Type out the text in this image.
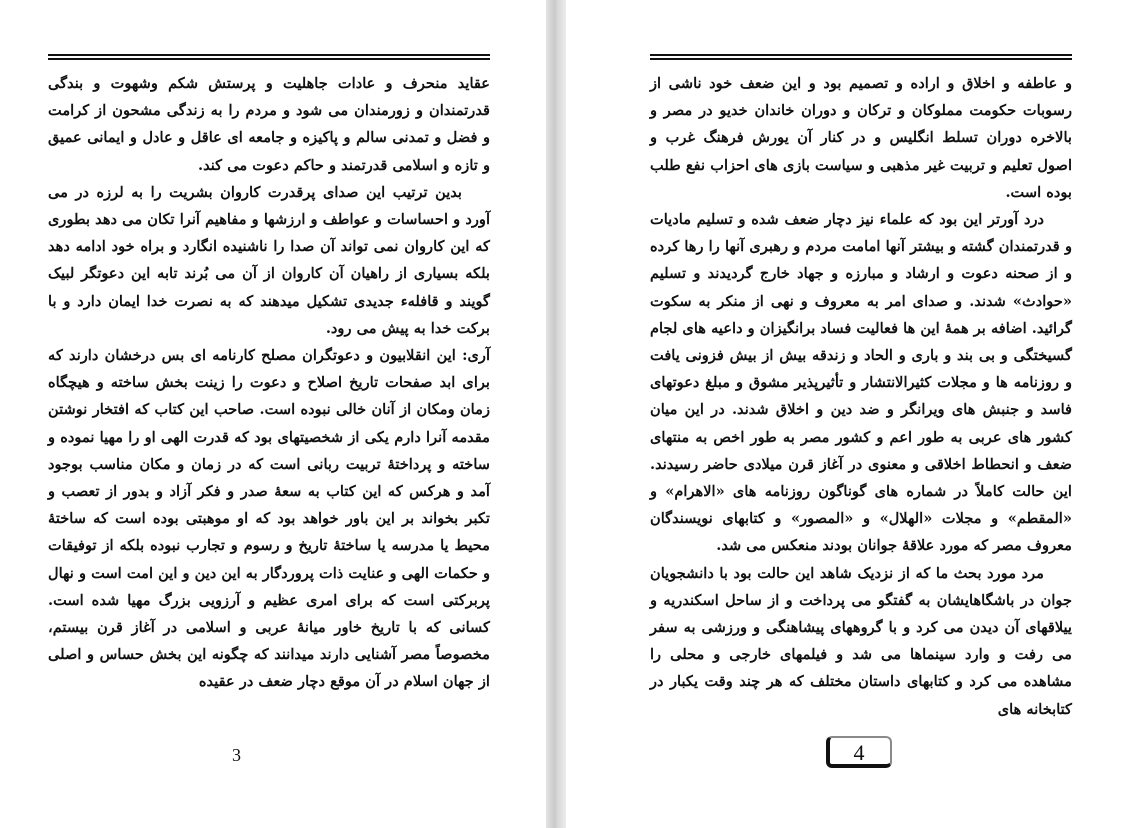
عقاید منحرف و عادات جاهلیت و پرستش شکم وشهوت و بندگی قدرتمندان و زورمندان می شود و مردم را به زندگی مشحون از کرامت و فضل و تمدنی سالم و پاکیزه و جامعه ای عاقل و عادل و ایمانی عمیق و تازه و اسلامی قدرتمند و حاکم دعوت می کند.

بدین ترتیب این صدای پرقدرت کاروان بشریت را به لرزه در می آورد و احساسات و عواطف و ارزشها و مفاهیم آنرا تکان می دهد بطوری که این کاروان نمی تواند آن صدا را ناشنیده انگارد و براه خود ادامه دهد بلکه بسیاری از راهیان آن کاروان از آن می بُرند تابه این دعوتگر لبیک گویند و قافلهء جدیدی تشکیل میدهند که به نصرت خدا ایمان دارد و با برکت خدا به پیش می رود.

آری: این انقلابیون و دعوتگران مصلح کارنامه ای بس درخشان دارند که برای ابد صفحات تاریخ اصلاح و دعوت را زینت بخش ساخته و هیچگاه زمان ومکان از آنان خالی نبوده است. صاحب این کتاب که افتخار نوشتن مقدمه آنرا دارم یکی از شخصیتهای بود که قدرت الهی او را مهیا نموده و ساخته و پرداختهٔ تربیت ربانی است که در زمان و مکان مناسب بوجود آمد و هرکس که این کتاب به سعهٔ صدر و فکر آزاد و بدور از تعصب و تکبر بخواند بر این باور خواهد بود که او موهبتی بوده است که ساختهٔ محیط یا مدرسه یا ساختهٔ تاریخ و رسوم و تجارب نبوده بلکه از توفیقات و حکمات الهی و عنایت ذات پروردگار به این دین و این امت است و نهال پربرکتی است که برای امری عظیم و آرزویی بزرگ مهیا شده است. کسانی که با تاریخ خاور میانهٔ عربی و اسلامی در آغاز قرن بیستم، مخصوصاً مصر آشنایی دارند میدانند که چگونه این بخش حساس و اصلی از جهان اسلام در آن موقع دچار ضعف در عقیده

3

و عاطفه و اخلاق و اراده و تصمیم بود و این ضعف خود ناشی از رسوبات حکومت مملوکان و ترکان و دوران خاندان خدیو در مصر و بالاخره دوران تسلط انگلیس و در کنار آن یورش فرهنگ غرب و اصول تعلیم و تربیت غیر مذهبی و سیاست بازی های احزاب نفع طلب بوده است.

درد آورتر این بود که علماء نیز دچار ضعف شده و تسلیم مادیات و قدرتمندان گشته و بیشتر آنها امامت مردم و رهبری آنها را رها کرده و از صحنه دعوت و ارشاد و مبارزه و جهاد خارج گردیدند و تسلیم «حوادث» شدند. و صدای امر به معروف و نهی از منکر به سکوت گرائید. اضافه بر همهٔ این ها فعالیت فساد برانگیزان و داعیه های لجام گسیختگی و بی بند و باری و الحاد و زندقه بیش از بیش فزونی یافت و روزنامه ها و مجلات کثیرالانتشار و تأثیرپذیر مشوق و مبلغ دعوتهای فاسد و جنبش های ویرانگر و ضد دین و اخلاق شدند. در این میان کشور های عربی به طور اعم و کشور مصر به طور اخص به منتهای ضعف و انحطاط اخلاقی و معنوی در آغاز قرن میلادی حاضر رسیدند. این حالت کاملاً در شماره های گوناگون روزنامه های «الاهرام» و «المقطم» و مجلات «الهلال» و «المصور» و کتابهای نویسندگان معروف مصر که مورد علاقهٔ جوانان بودند منعکس می شد.

مرد مورد بحث ما که از نزدیک شاهد این حالت بود با دانشجویان جوان در باشگاهایشان به گفتگو می پرداخت و از ساحل اسکندریه و ییلاقهای آن دیدن می کرد و با گروههای پیشاهنگی و ورزشی به سفر می رفت و وارد سینماها می شد و فیلمهای خارجی و محلی را مشاهده می کرد و کتابهای داستان مختلف که هر چند وقت یکبار در کتابخانه های

4
